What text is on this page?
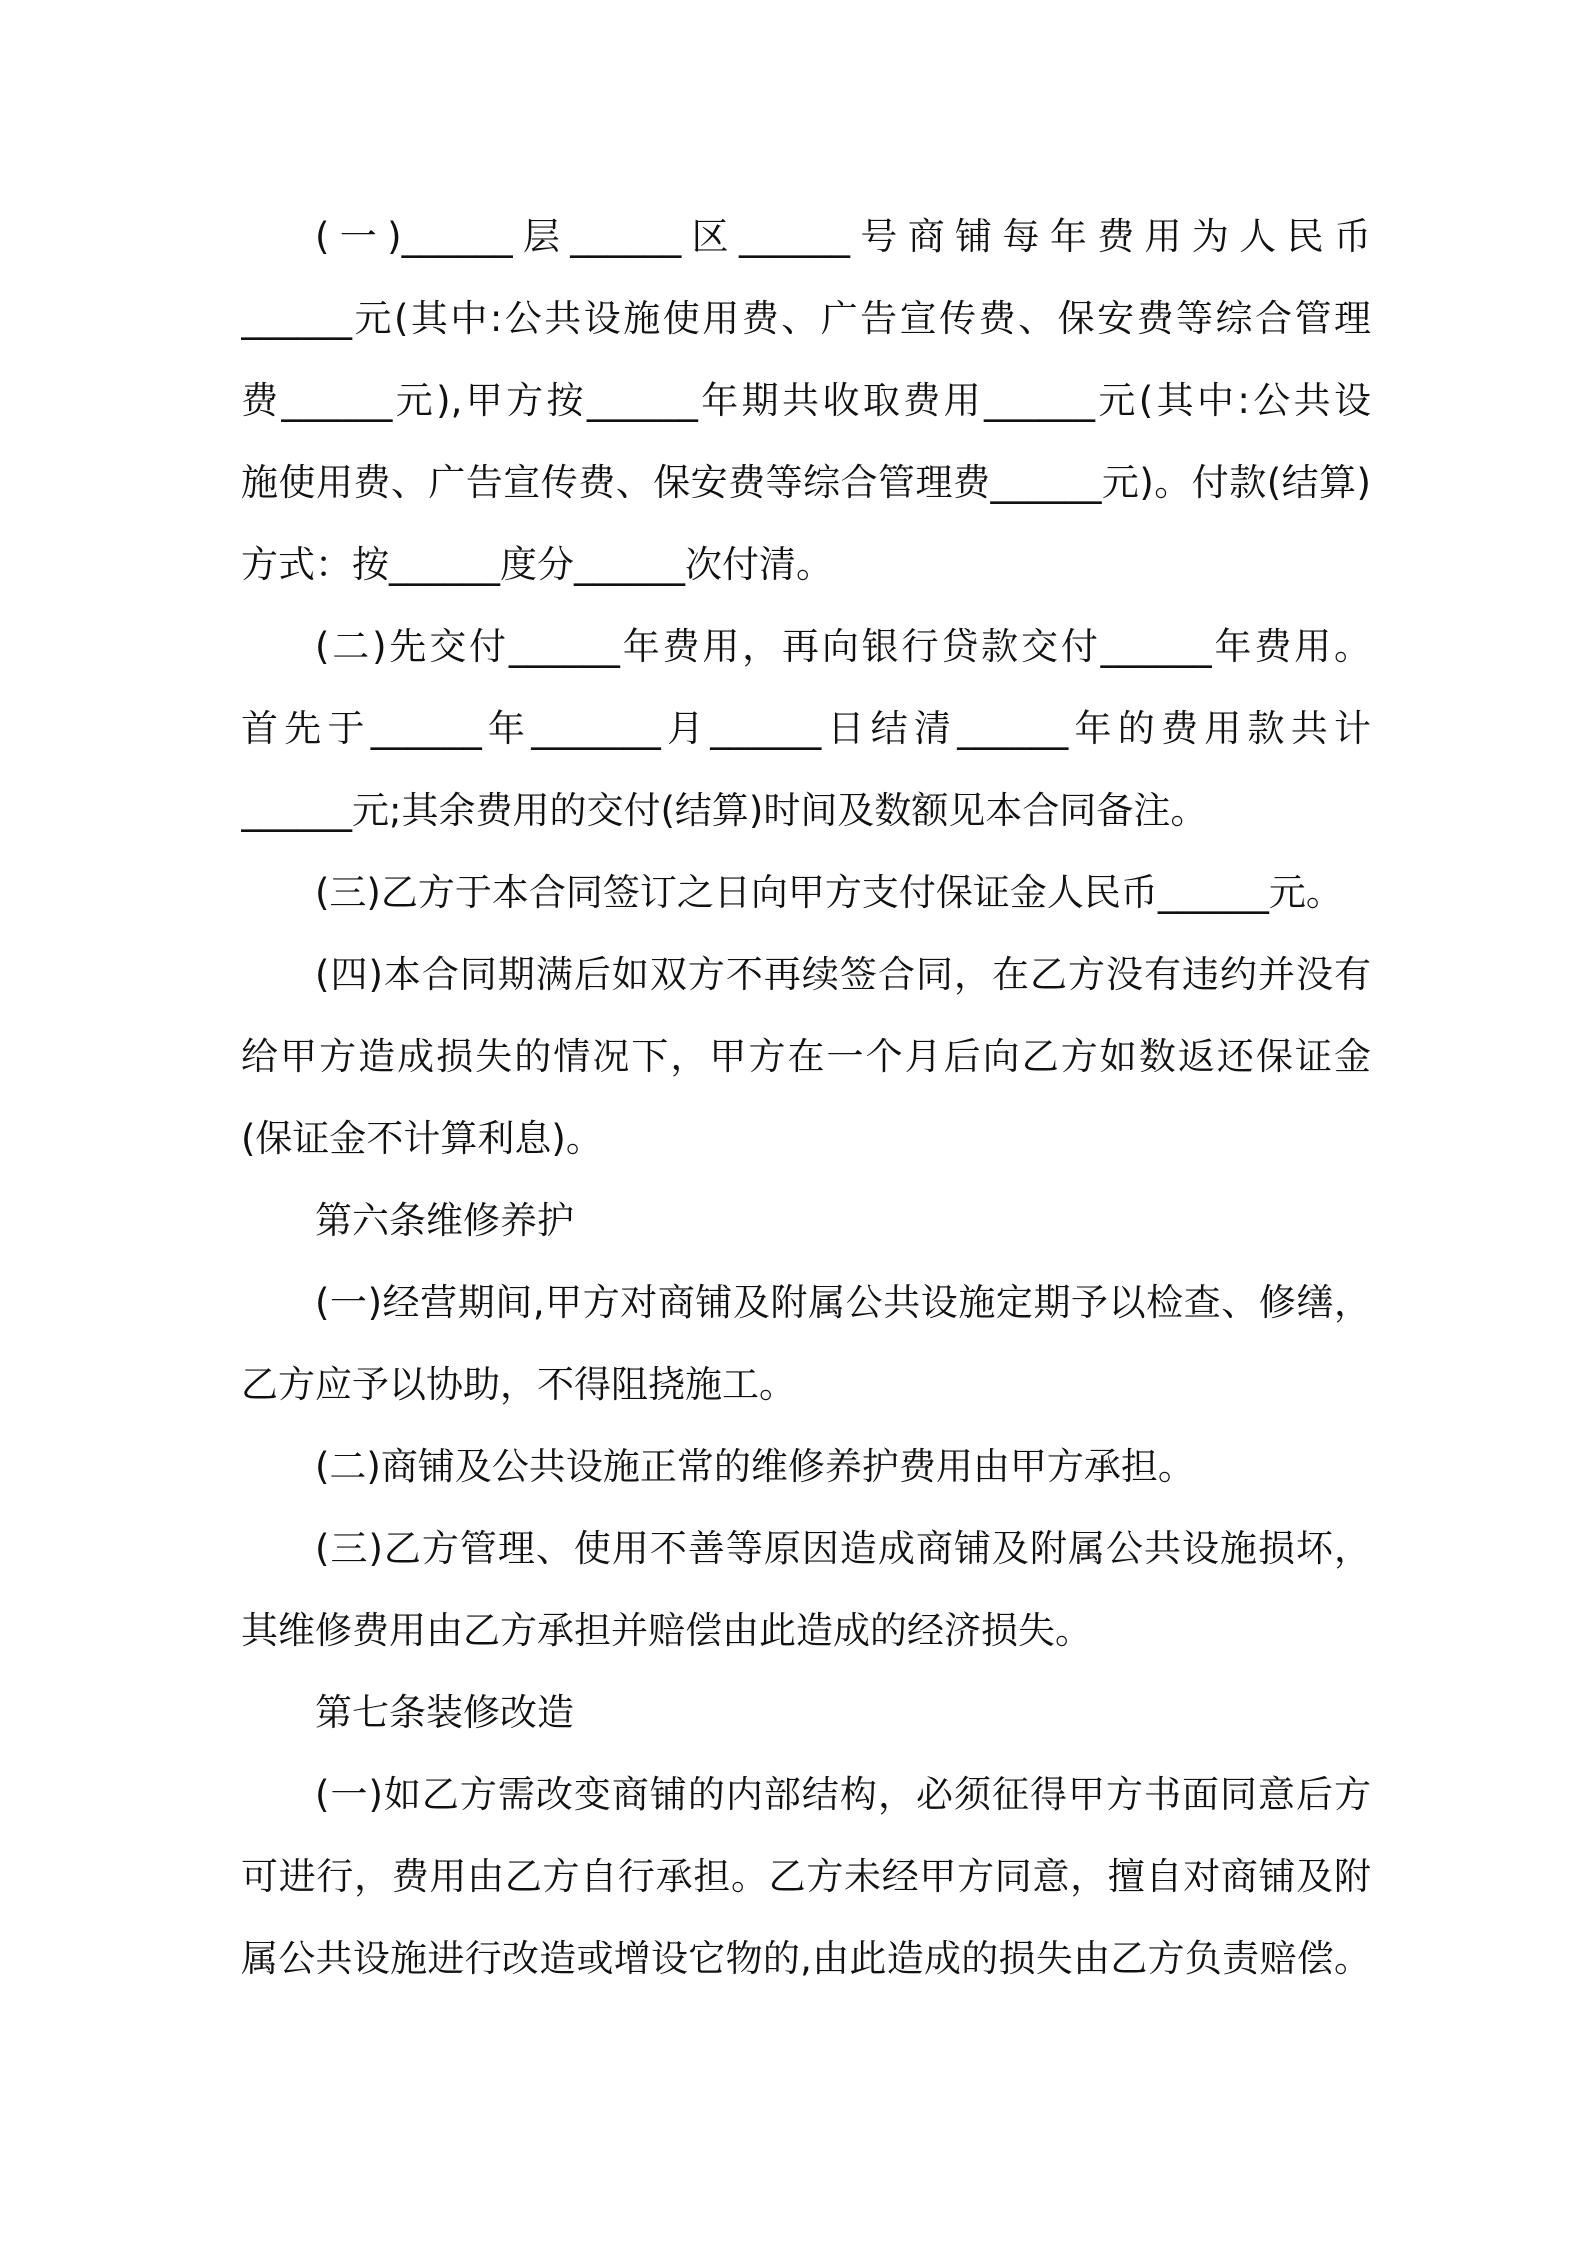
(一)______层______区______号商铺每年费用为人民币
______元(其中:公共设施使用费、广告宣传费、保安费等综合管理
费______元),甲方按______年期共收取费用______元(其中:公共设
施使用费、广告宣传费、保安费等综合管理费______元)。付款(结算)
方式：按______度分______次付清。
(二)先交付______年费用，再向银行贷款交付______年费用。
首先于______年_______月______日结清______年的费用款共计
______元;其余费用的交付(结算)时间及数额见本合同备注。
(三)乙方于本合同签订之日向甲方支付保证金人民币______元。
(四)本合同期满后如双方不再续签合同，在乙方没有违约并没有
给甲方造成损失的情况下，甲方在一个月后向乙方如数返还保证金
(保证金不计算利息)。
第六条维修养护
(一)经营期间,甲方对商铺及附属公共设施定期予以检查、修缮，
乙方应予以协助，不得阻挠施工。
(二)商铺及公共设施正常的维修养护费用由甲方承担。
(三)乙方管理、使用不善等原因造成商铺及附属公共设施损坏，
其维修费用由乙方承担并赔偿由此造成的经济损失。
第七条装修改造
(一)如乙方需改变商铺的内部结构，必须征得甲方书面同意后方
可进行，费用由乙方自行承担。乙方未经甲方同意，擅自对商铺及附
属公共设施进行改造或增设它物的,由此造成的损失由乙方负责赔偿。
